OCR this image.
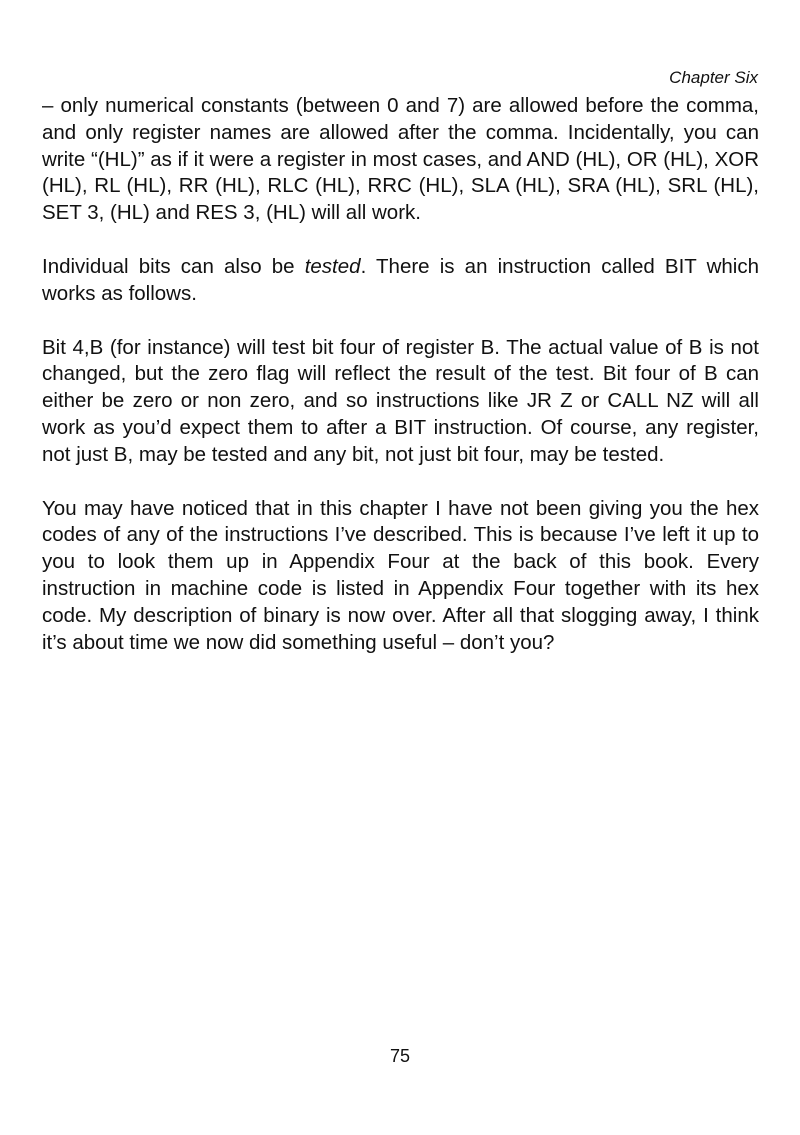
Chapter Six

– only numerical constants (between 0 and 7) are allowed before the comma, and only register names are allowed after the comma. Incidentally, you can write “(HL)” as if it were a register in most cases, and AND (HL), OR (HL), XOR (HL), RL (HL), RR (HL), RLC (HL), RRC (HL), SLA (HL), SRA (HL), SRL (HL), SET 3, (HL) and RES 3, (HL) will all work.

Individual bits can also be tested. There is an instruction called BIT which works as follows.

Bit 4,B (for instance) will test bit four of register B. The actual value of B is not changed, but the zero flag will reflect the result of the test. Bit four of B can either be zero or non zero, and so instructions like JR Z or CALL NZ will all work as you’d expect them to after a BIT instruction. Of course, any register, not just B, may be tested and any bit, not just bit four, may be tested.

You may have noticed that in this chapter I have not been giving you the hex codes of any of the instructions I’ve described. This is because I’ve left it up to you to look them up in Appendix Four at the back of this book. Every instruction in machine code is listed in Appendix Four together with its hex code. My description of binary is now over. After all that slogging away, I think it’s about time we now did something useful – don’t you?

75
